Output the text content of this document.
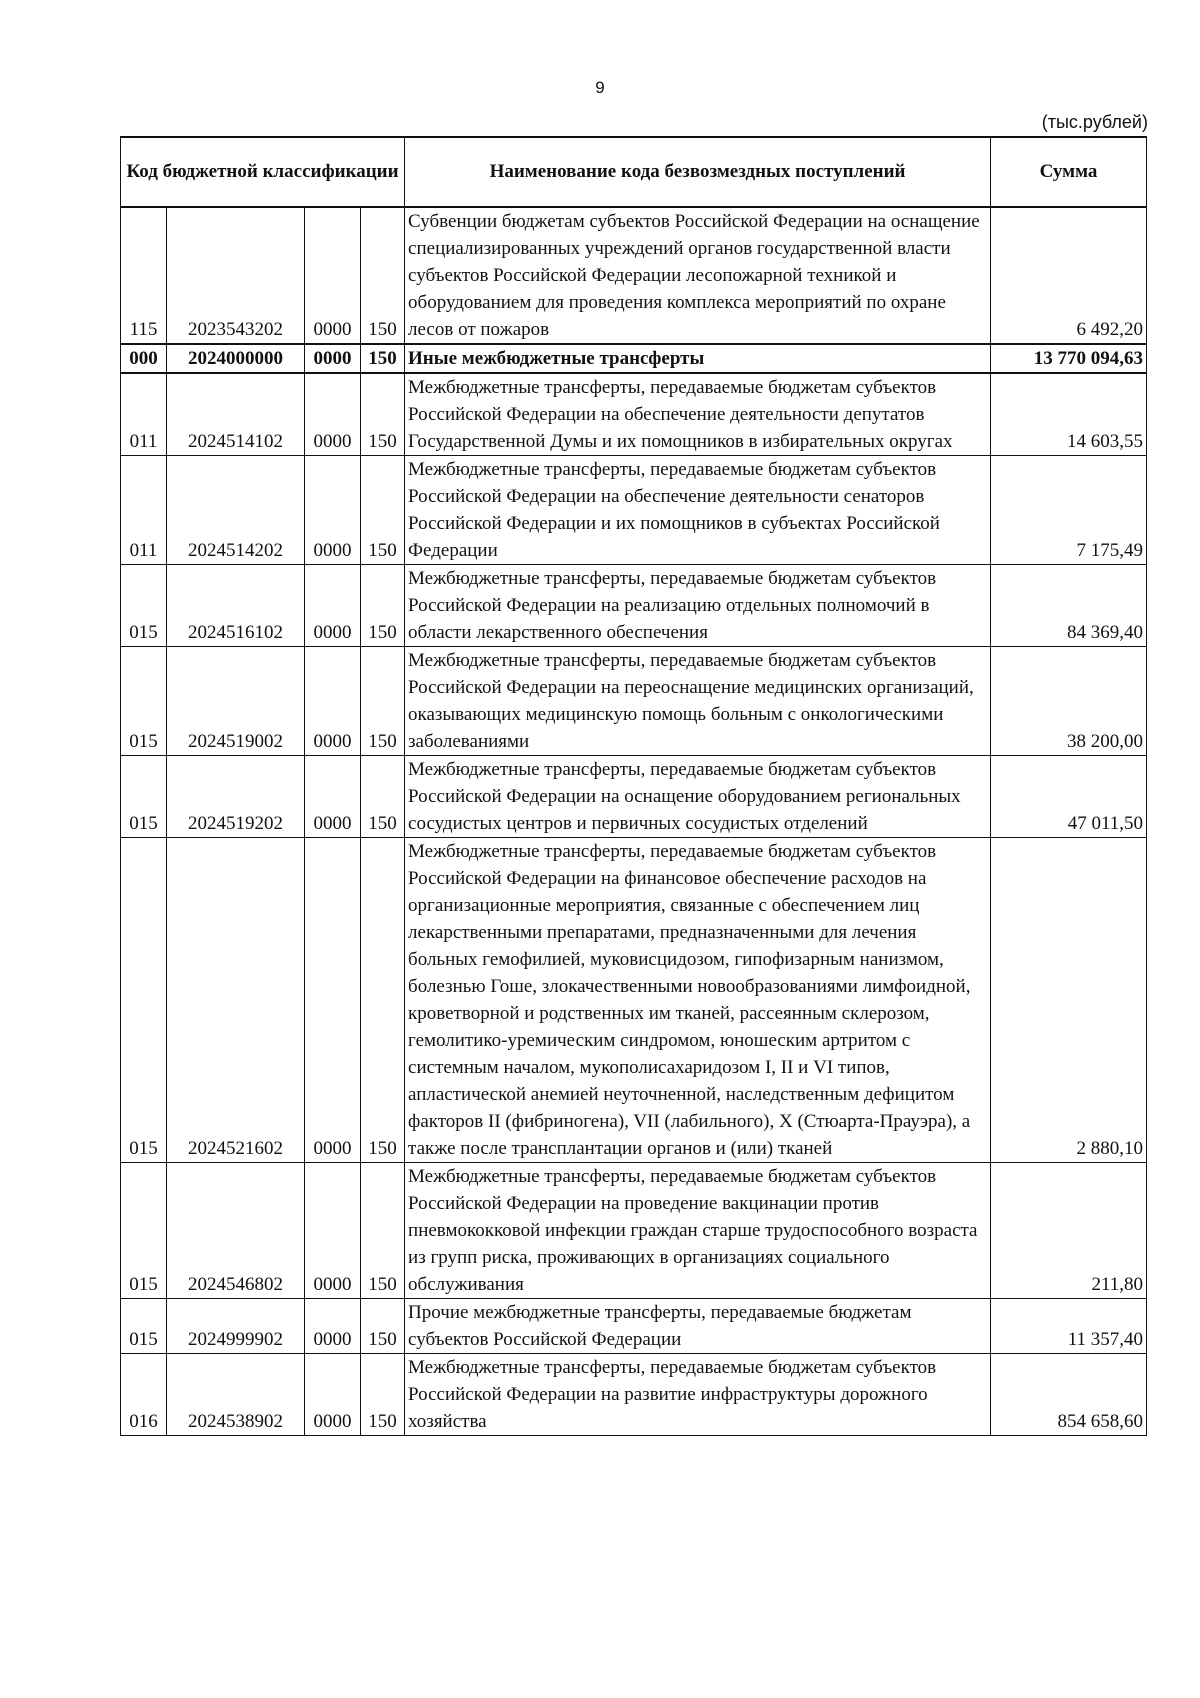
9
(тыс.рублей)
Код бюджетной классификации				Наименование кода безвозмездных поступлений	Сумма
115	2023543202	0000	150	Субвенции бюджетам субъектов Российской Федерации на оснащение специализированных учреждений органов государственной власти субъектов Российской Федерации лесопожарной техникой и оборудованием для проведения комплекса мероприятий по охране лесов от пожаров	6 492,20
000	2024000000	0000	150	Иные межбюджетные трансферты	13 770 094,63
011	2024514102	0000	150	Межбюджетные трансферты, передаваемые бюджетам субъектов Российской Федерации на обеспечение деятельности депутатов Государственной Думы и их помощников в избирательных округах	14 603,55
011	2024514202	0000	150	Межбюджетные трансферты, передаваемые бюджетам субъектов Российской Федерации на обеспечение деятельности сенаторов Российской Федерации и их помощников в субъектах Российской Федерации	7 175,49
015	2024516102	0000	150	Межбюджетные трансферты, передаваемые бюджетам субъектов Российской Федерации на реализацию отдельных полномочий в области лекарственного обеспечения	84 369,40
015	2024519002	0000	150	Межбюджетные трансферты, передаваемые бюджетам субъектов Российской Федерации на переоснащение медицинских организаций, оказывающих медицинскую помощь больным с онкологическими заболеваниями	38 200,00
015	2024519202	0000	150	Межбюджетные трансферты, передаваемые бюджетам субъектов Российской Федерации на оснащение оборудованием региональных сосудистых центров и первичных сосудистых отделений	47 011,50
015	2024521602	0000	150	Межбюджетные трансферты, передаваемые бюджетам субъектов Российской Федерации на финансовое обеспечение расходов на организационные мероприятия, связанные с обеспечением лиц лекарственными препаратами, предназначенными для лечения больных гемофилией, муковисцидозом, гипофизарным нанизмом, болезнью Гоше, злокачественными новообразованиями лимфоидной, кроветворной и родственных им тканей, рассеянным склерозом, гемолитико-уремическим синдромом, юношеским артритом с системным началом, мукополисахаридозом I, II и VI типов, апластической анемией неуточненной, наследственным дефицитом факторов II (фибриногена), VII (лабильного), X (Стюарта-Прауэра), а также после трансплантации органов и (или) тканей	2 880,10
015	2024546802	0000	150	Межбюджетные трансферты, передаваемые бюджетам субъектов Российской Федерации на проведение вакцинации против пневмококковой инфекции граждан старше трудоспособного возраста из групп риска, проживающих в организациях социального обслуживания	211,80
015	2024999902	0000	150	Прочие межбюджетные трансферты, передаваемые бюджетам субъектов Российской Федерации	11 357,40
016	2024538902	0000	150	Межбюджетные трансферты, передаваемые бюджетам субъектов Российской Федерации на развитие инфраструктуры дорожного хозяйства	854 658,60
